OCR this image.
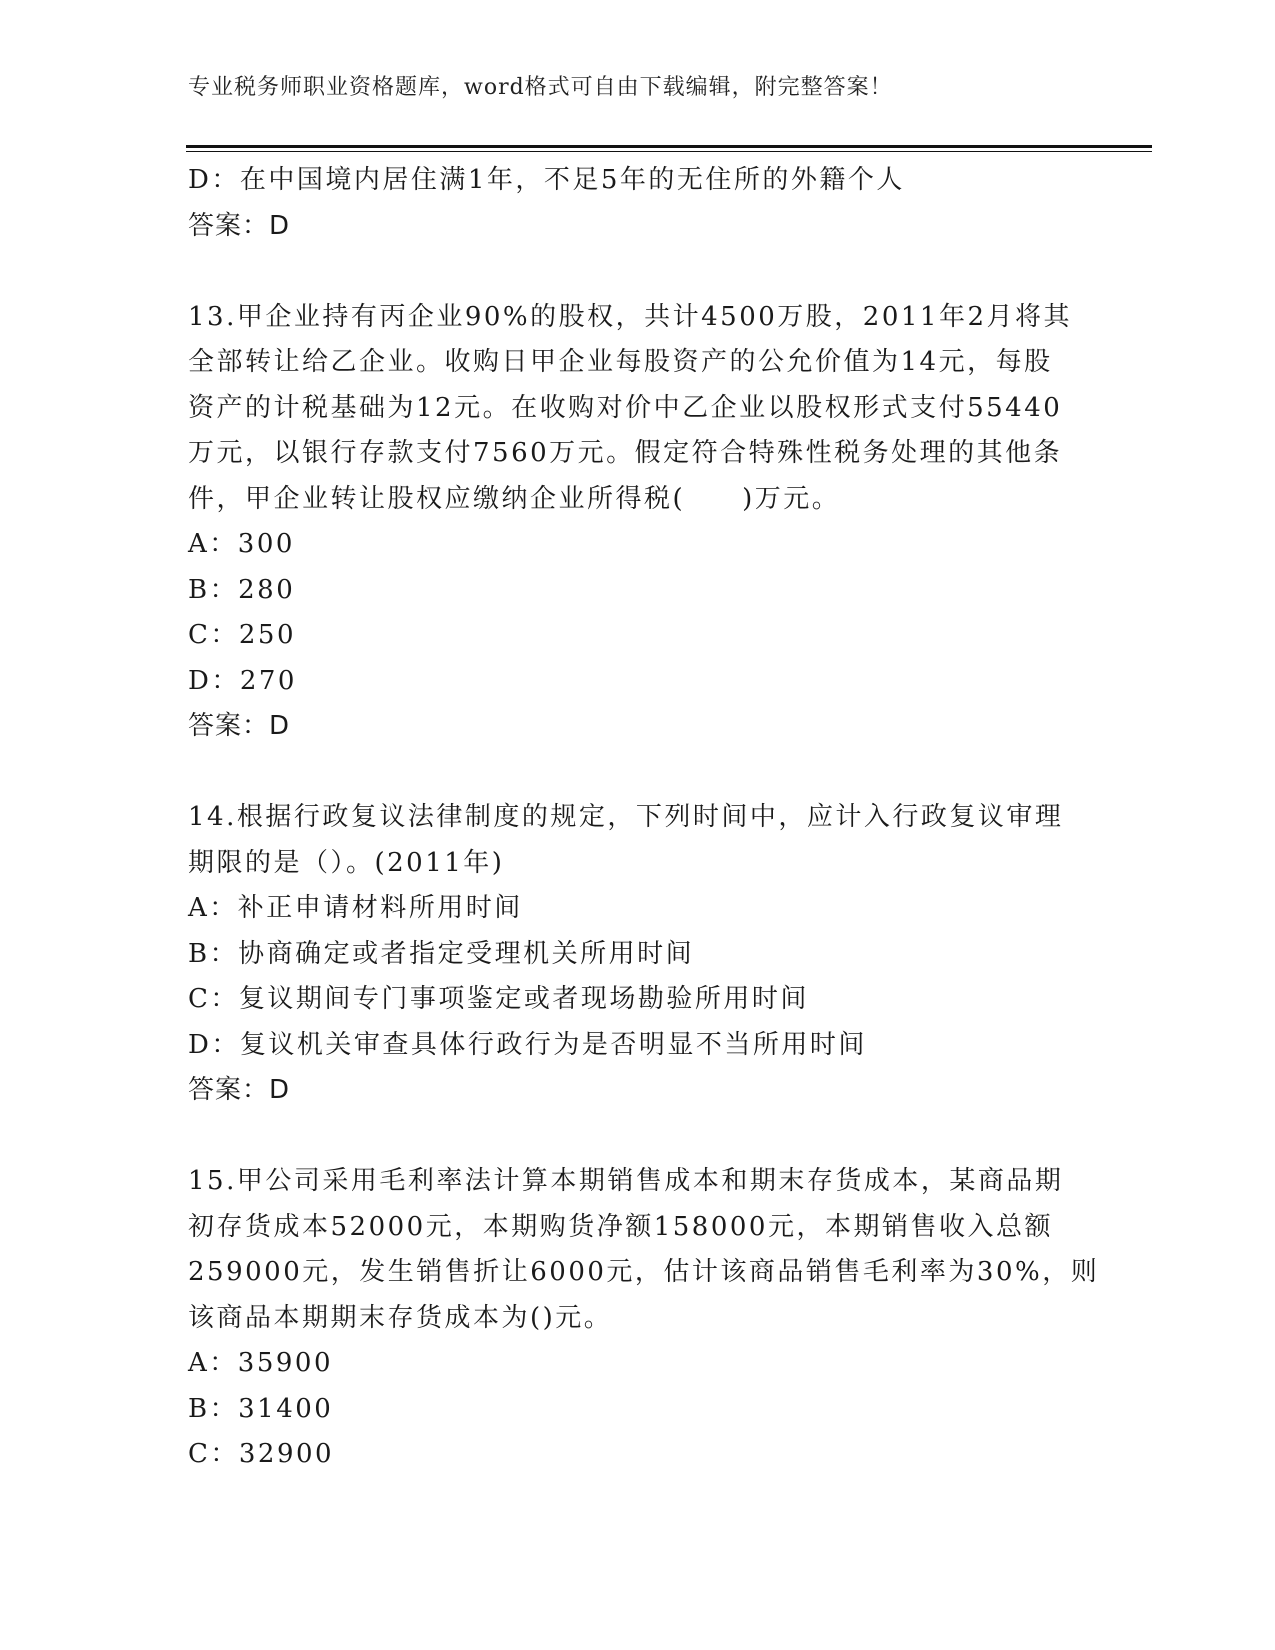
专业税务师职业资格题库，word格式可自由下载编辑，附完整答案！
D：在中国境内居住满1年，不足5年的无住所的外籍个人
答案：D
13.甲企业持有丙企业90%的股权，共计4500万股，2011年2月将其
全部转让给乙企业。收购日甲企业每股资产的公允价值为14元，每股
资产的计税基础为12元。在收购对价中乙企业以股权形式支付55440
万元，以银行存款支付7560万元。假定符合特殊性税务处理的其他条
件，甲企业转让股权应缴纳企业所得税(　　)万元。
A：300
B：280
C：250
D：270
答案：D
14.根据行政复议法律制度的规定，下列时间中，应计入行政复议审理
期限的是（）。(2011年)
A：补正申请材料所用时间
B：协商确定或者指定受理机关所用时间
C：复议期间专门事项鉴定或者现场勘验所用时间
D：复议机关审查具体行政行为是否明显不当所用时间
答案：D
15.甲公司采用毛利率法计算本期销售成本和期末存货成本，某商品期
初存货成本52000元，本期购货净额158000元，本期销售收入总额
259000元，发生销售折让6000元，估计该商品销售毛利率为30%，则
该商品本期期末存货成本为()元。
A：35900
B：31400
C：32900
